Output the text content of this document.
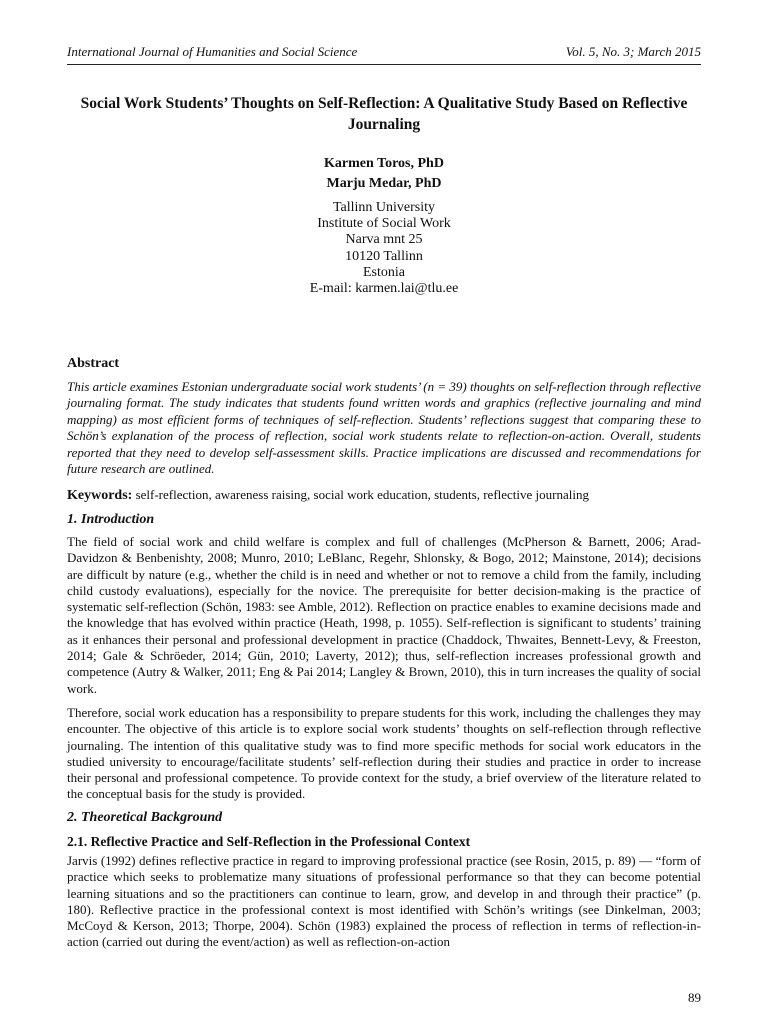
International Journal of Humanities and Social Science	Vol. 5, No. 3; March 2015
Social Work Students’ Thoughts on Self-Reflection: A Qualitative Study Based on Reflective Journaling
Karmen Toros, PhD
Marju Medar, PhD
Tallinn University
Institute of Social Work
Narva mnt 25
10120 Tallinn
Estonia
E-mail: karmen.lai@tlu.ee
Abstract

This article examines Estonian undergraduate social work students’ (n = 39) thoughts on self-reflection through reflective journaling format. The study indicates that students found written words and graphics (reflective journaling and mind mapping) as most efficient forms of techniques of self-reflection. Students’ reflections suggest that comparing these to Schön’s explanation of the process of reflection, social work students relate to reflection-on-action. Overall, students reported that they need to develop self-assessment skills. Practice implications are discussed and recommendations for future research are outlined.

Keywords: self-reflection, awareness raising, social work education, students, reflective journaling

1. Introduction

The field of social work and child welfare is complex and full of challenges (McPherson & Barnett, 2006; Arad-Davidzon & Benbenishty, 2008; Munro, 2010; LeBlanc, Regehr, Shlonsky, & Bogo, 2012; Mainstone, 2014); decisions are difficult by nature (e.g., whether the child is in need and whether or not to remove a child from the family, including child custody evaluations), especially for the novice. The prerequisite for better decision-making is the practice of systematic self-reflection (Schön, 1983: see Amble, 2012). Reflection on practice enables to examine decisions made and the knowledge that has evolved within practice (Heath, 1998, p. 1055). Self-reflection is significant to students’ training as it enhances their personal and professional development in practice (Chaddock, Thwaites, Bennett-Levy, & Freeston, 2014; Gale & Schröeder, 2014; Gün, 2010; Laverty, 2012); thus, self-reflection increases professional growth and competence (Autry & Walker, 2011; Eng & Pai 2014; Langley & Brown, 2010), this in turn increases the quality of social work.

Therefore, social work education has a responsibility to prepare students for this work, including the challenges they may encounter. The objective of this article is to explore social work students’ thoughts on self-reflection through reflective journaling. The intention of this qualitative study was to find more specific methods for social work educators in the studied university to encourage/facilitate students’ self-reflection during their studies and practice in order to increase their personal and professional competence. To provide context for the study, a brief overview of the literature related to the conceptual basis for the study is provided.

2. Theoretical Background
2.1. Reflective Practice and Self-Reflection in the Professional Context

Jarvis (1992) defines reflective practice in regard to improving professional practice (see Rosin, 2015, p. 89) — “form of practice which seeks to problematize many situations of professional performance so that they can become potential learning situations and so the practitioners can continue to learn, grow, and develop in and through their practice” (p. 180). Reflective practice in the professional context is most identified with Schön’s writings (see Dinkelman, 2003; McCoyd & Kerson, 2013; Thorpe, 2004). Schön (1983) explained the process of reflection in terms of reflection-in-action (carried out during the event/action) as well as reflection-on-action

89
